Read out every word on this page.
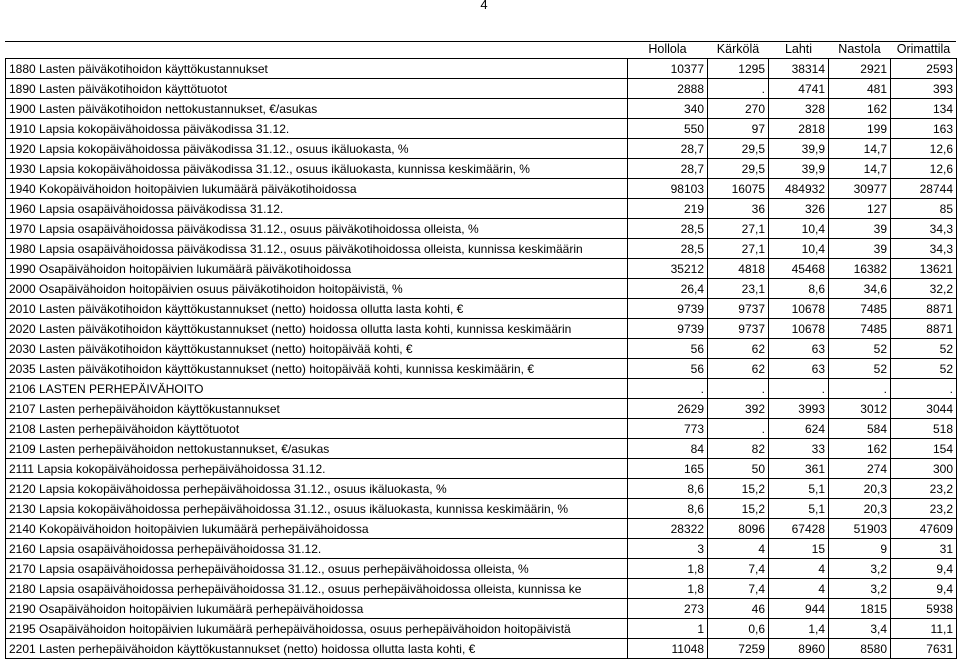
4
	Hollola	Kärkölä	Lahti	Nastola	Orimattila
1880 Lasten päiväkotihoidon käyttökustannukset	10377	1295	38314	2921	2593
1890 Lasten päiväkotihoidon käyttötuotot	2888	.	4741	481	393
1900 Lasten päiväkotihoidon nettokustannukset, €/asukas	340	270	328	162	134
1910 Lapsia kokopäivähoidossa päiväkodissa 31.12.	550	97	2818	199	163
1920 Lapsia kokopäivähoidossa päiväkodissa 31.12., osuus ikäluokasta, %	28,7	29,5	39,9	14,7	12,6
1930 Lapsia kokopäivähoidossa päiväkodissa 31.12., osuus ikäluokasta, kunnissa keskimäärin, %	28,7	29,5	39,9	14,7	12,6
1940 Kokopäivähoidon hoitopäivien lukumäärä päiväkotihoidossa	98103	16075	484932	30977	28744
1960 Lapsia osapäivähoidossa päiväkodissa 31.12.	219	36	326	127	85
1970 Lapsia osapäivähoidossa päiväkodissa 31.12., osuus päiväkotihoidossa olleista, %	28,5	27,1	10,4	39	34,3
1980 Lapsia osapäivähoidossa päiväkodissa 31.12., osuus päiväkotihoidossa olleista, kunnissa keskimäärin	28,5	27,1	10,4	39	34,3
1990 Osapäivähoidon hoitopäivien lukumäärä päiväkotihoidossa	35212	4818	45468	16382	13621
2000 Osapäivähoidon hoitopäivien osuus päiväkotihoidon hoitopäivistä, %	26,4	23,1	8,6	34,6	32,2
2010 Lasten päiväkotihoidon käyttökustannukset (netto) hoidossa ollutta lasta kohti, €	9739	9737	10678	7485	8871
2020 Lasten päiväkotihoidon käyttökustannukset (netto) hoidossa ollutta lasta kohti, kunnissa keskimäärin	9739	9737	10678	7485	8871
2030 Lasten päiväkotihoidon käyttökustannukset (netto) hoitopäivää kohti, €	56	62	63	52	52
2035 Lasten päiväkotihoidon käyttökustannukset (netto) hoitopäivää kohti, kunnissa keskimäärin, €	56	62	63	52	52
2106 LASTEN PERHEPÄIVÄHOITO	.	.	.	.	.
2107 Lasten perhepäivähoidon käyttökustannukset	2629	392	3993	3012	3044
2108 Lasten perhepäivähoidon käyttötuotot	773	.	624	584	518
2109 Lasten perhepäivähoidon nettokustannukset, €/asukas	84	82	33	162	154
2111 Lapsia kokopäivähoidossa perhepäivähoidossa 31.12.	165	50	361	274	300
2120 Lapsia kokopäivähoidossa perhepäivähoidossa 31.12., osuus ikäluokasta, %	8,6	15,2	5,1	20,3	23,2
2130 Lapsia kokopäivähoidossa perhepäivähoidossa 31.12., osuus ikäluokasta, kunnissa keskimäärin, %	8,6	15,2	5,1	20,3	23,2
2140 Kokopäivähoidon hoitopäivien lukumäärä perhepäivähoidossa	28322	8096	67428	51903	47609
2160 Lapsia osapäivähoidossa perhepäivähoidossa 31.12.	3	4	15	9	31
2170 Lapsia osapäivähoidossa perhepäivähoidossa 31.12., osuus perhepäivähoidossa olleista, %	1,8	7,4	4	3,2	9,4
2180 Lapsia osapäivähoidossa perhepäivähoidossa 31.12., osuus perhepäivähoidossa olleista, kunnissa ke	1,8	7,4	4	3,2	9,4
2190 Osapäivähoidon hoitopäivien lukumäärä perhepäivähoidossa	273	46	944	1815	5938
2195 Osapäivähoidon hoitopäivien lukumäärä perhepäivähoidossa, osuus perhepäivähoidon hoitopäivistä	1	0,6	1,4	3,4	11,1
2201 Lasten perhepäivähoidon käyttökustannukset (netto) hoidossa ollutta lasta kohti, €	11048	7259	8960	8580	7631
